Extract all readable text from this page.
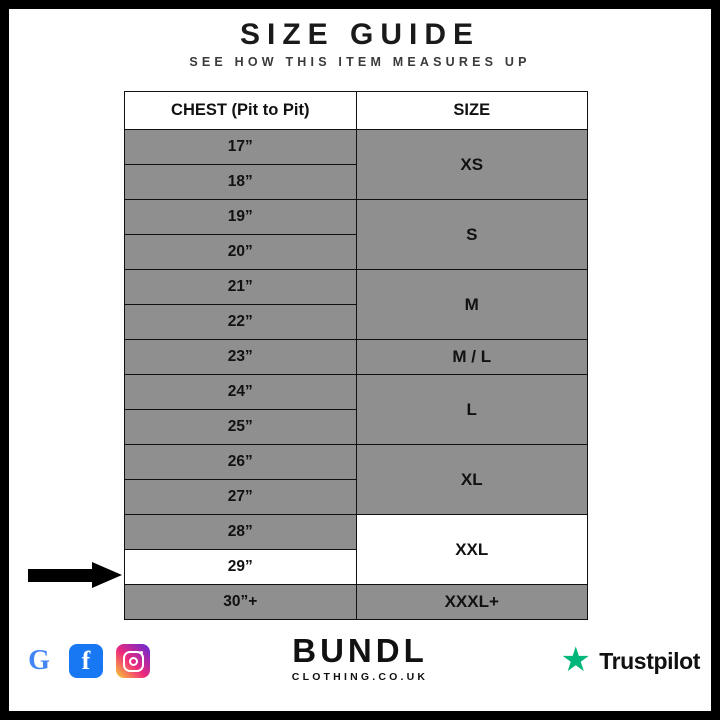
SIZE GUIDE
SEE HOW THIS ITEM MEASURES UP
CHEST (Pit to Pit)	SIZE
17”	XS
18”	
19”	S
20”	
21”	M
22”	
23”	M / L
24”	L
25”	
26”	XL
27”	
28”	XXL
29”	
30”+	XXXL+
G f	BUNDL
CLOTHING.CO.UK	★ Trustpilot
